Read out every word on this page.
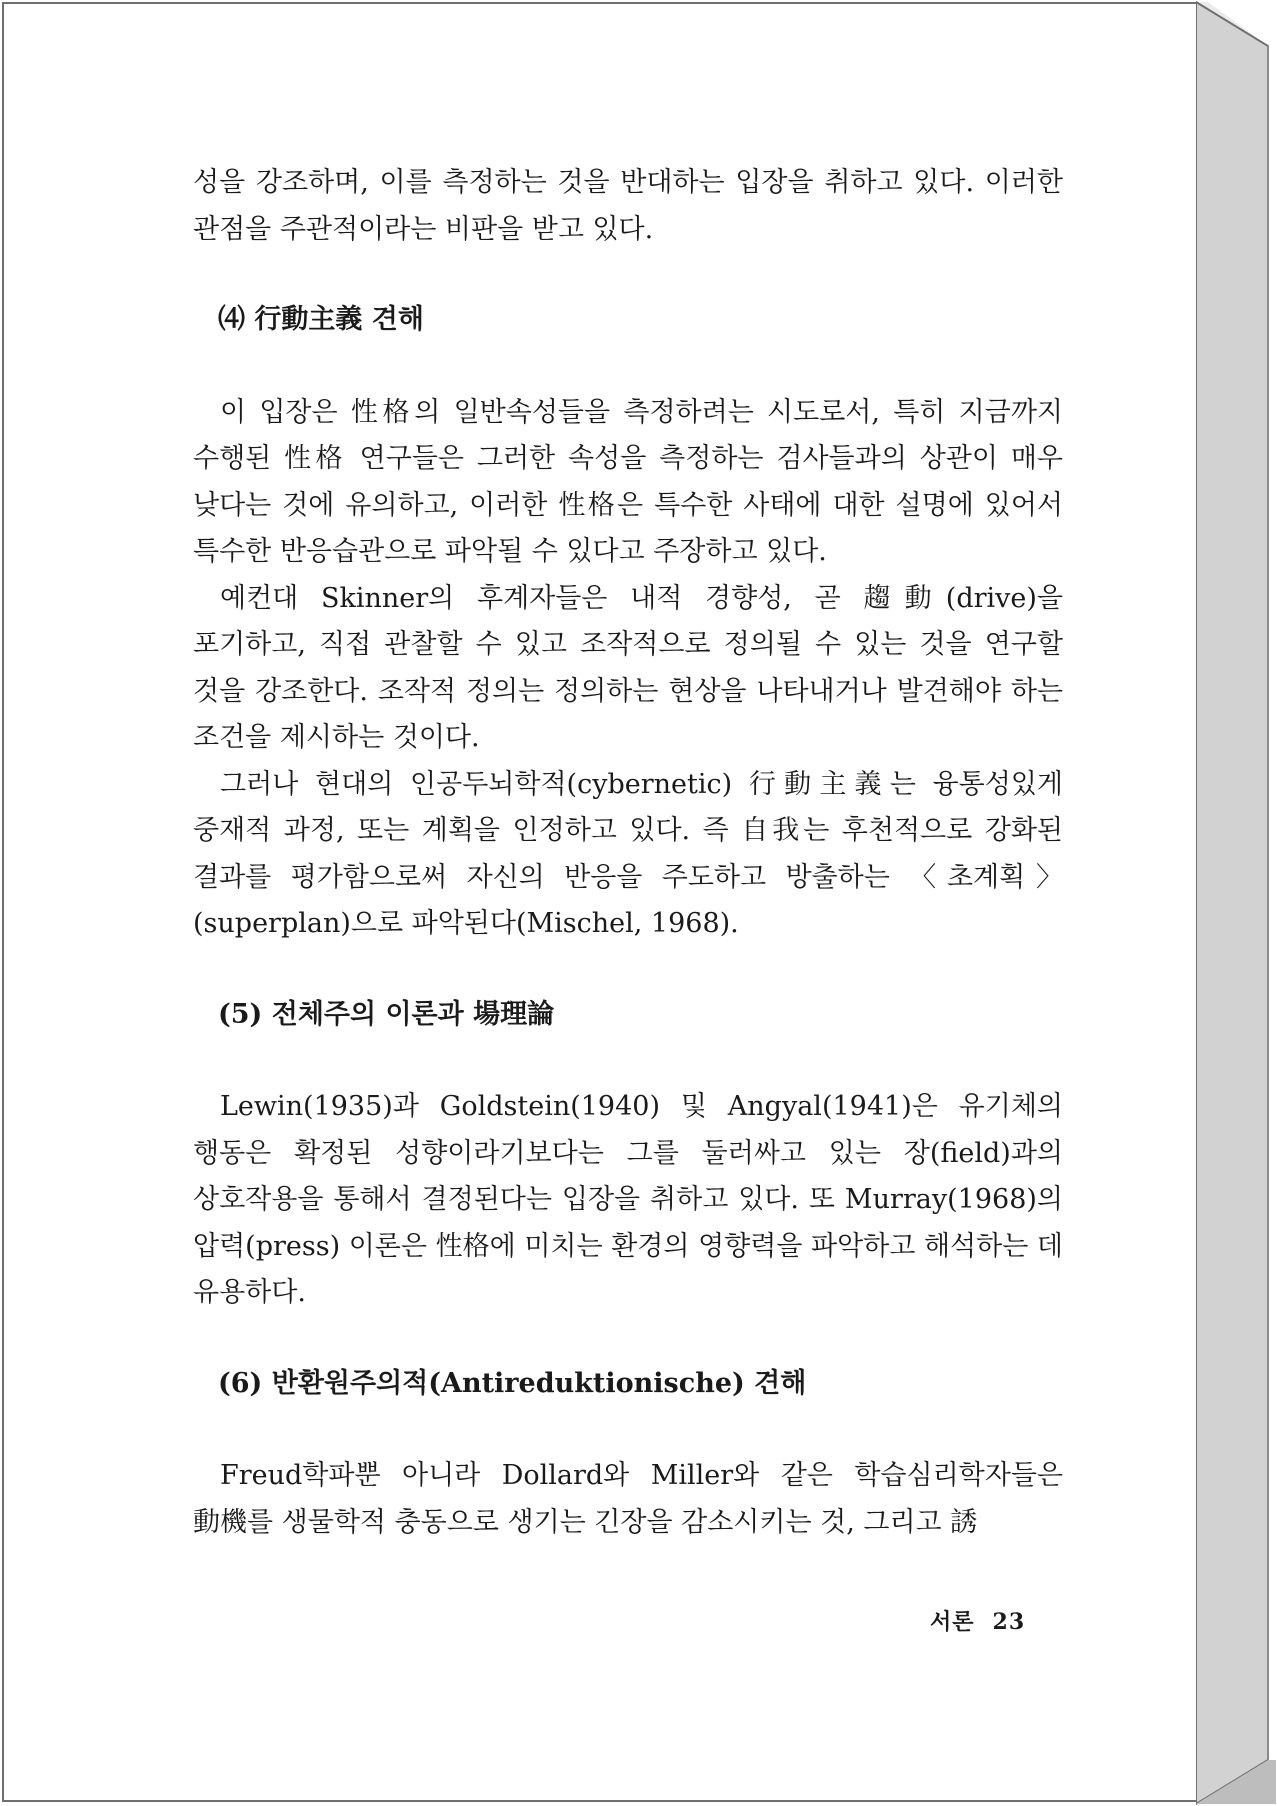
성을 강조하며, 이를 측정하는 것을 반대하는 입장을 취하고 있다. 이러한 관점을 주관적이라는 비판을 받고 있다.

⑷ 行動主義 견해

이 입장은 性格의 일반속성들을 측정하려는 시도로서, 특히 지금까지 수행된 性格 연구들은 그러한 속성을 측정하는 검사들과의 상관이 매우 낮다는 것에 유의하고, 이러한 性格은 특수한 사태에 대한 설명에 있어서 특수한 반응습관으로 파악될 수 있다고 주장하고 있다.

예컨대 Skinner의 후계자들은 내적 경향성, 곧 趨動(drive)을 포기하고, 직접 관찰할 수 있고 조작적으로 정의될 수 있는 것을 연구할 것을 강조한다. 조작적 정의는 정의하는 현상을 나타내거나 발견해야 하는 조건을 제시하는 것이다.

그러나 현대의 인공두뇌학적(cybernetic) 行動主義는 융통성있게 중재적 과정, 또는 계획을 인정하고 있다. 즉 自我는 후천적으로 강화된 결과를 평가함으로써 자신의 반응을 주도하고 방출하는 〈초계획〉(superplan)으로 파악된다(Mischel, 1968).

(5) 전체주의 이론과 場理論

Lewin(1935)과 Goldstein(1940) 및 Angyal(1941)은 유기체의 행동은 확정된 성향이라기보다는 그를 둘러싸고 있는 장(field)과의 상호작용을 통해서 결정된다는 입장을 취하고 있다. 또 Murray(1968)의 압력(press) 이론은 性格에 미치는 환경의 영향력을 파악하고 해석하는 데 유용하다.

(6) 반환원주의적(Antireduktionische) 견해

Freud학파뿐 아니라 Dollard와 Miller와 같은 학습심리학자들은 動機를 생물학적 충동으로 생기는 긴장을 감소시키는 것, 그리고 誘

서론 23
